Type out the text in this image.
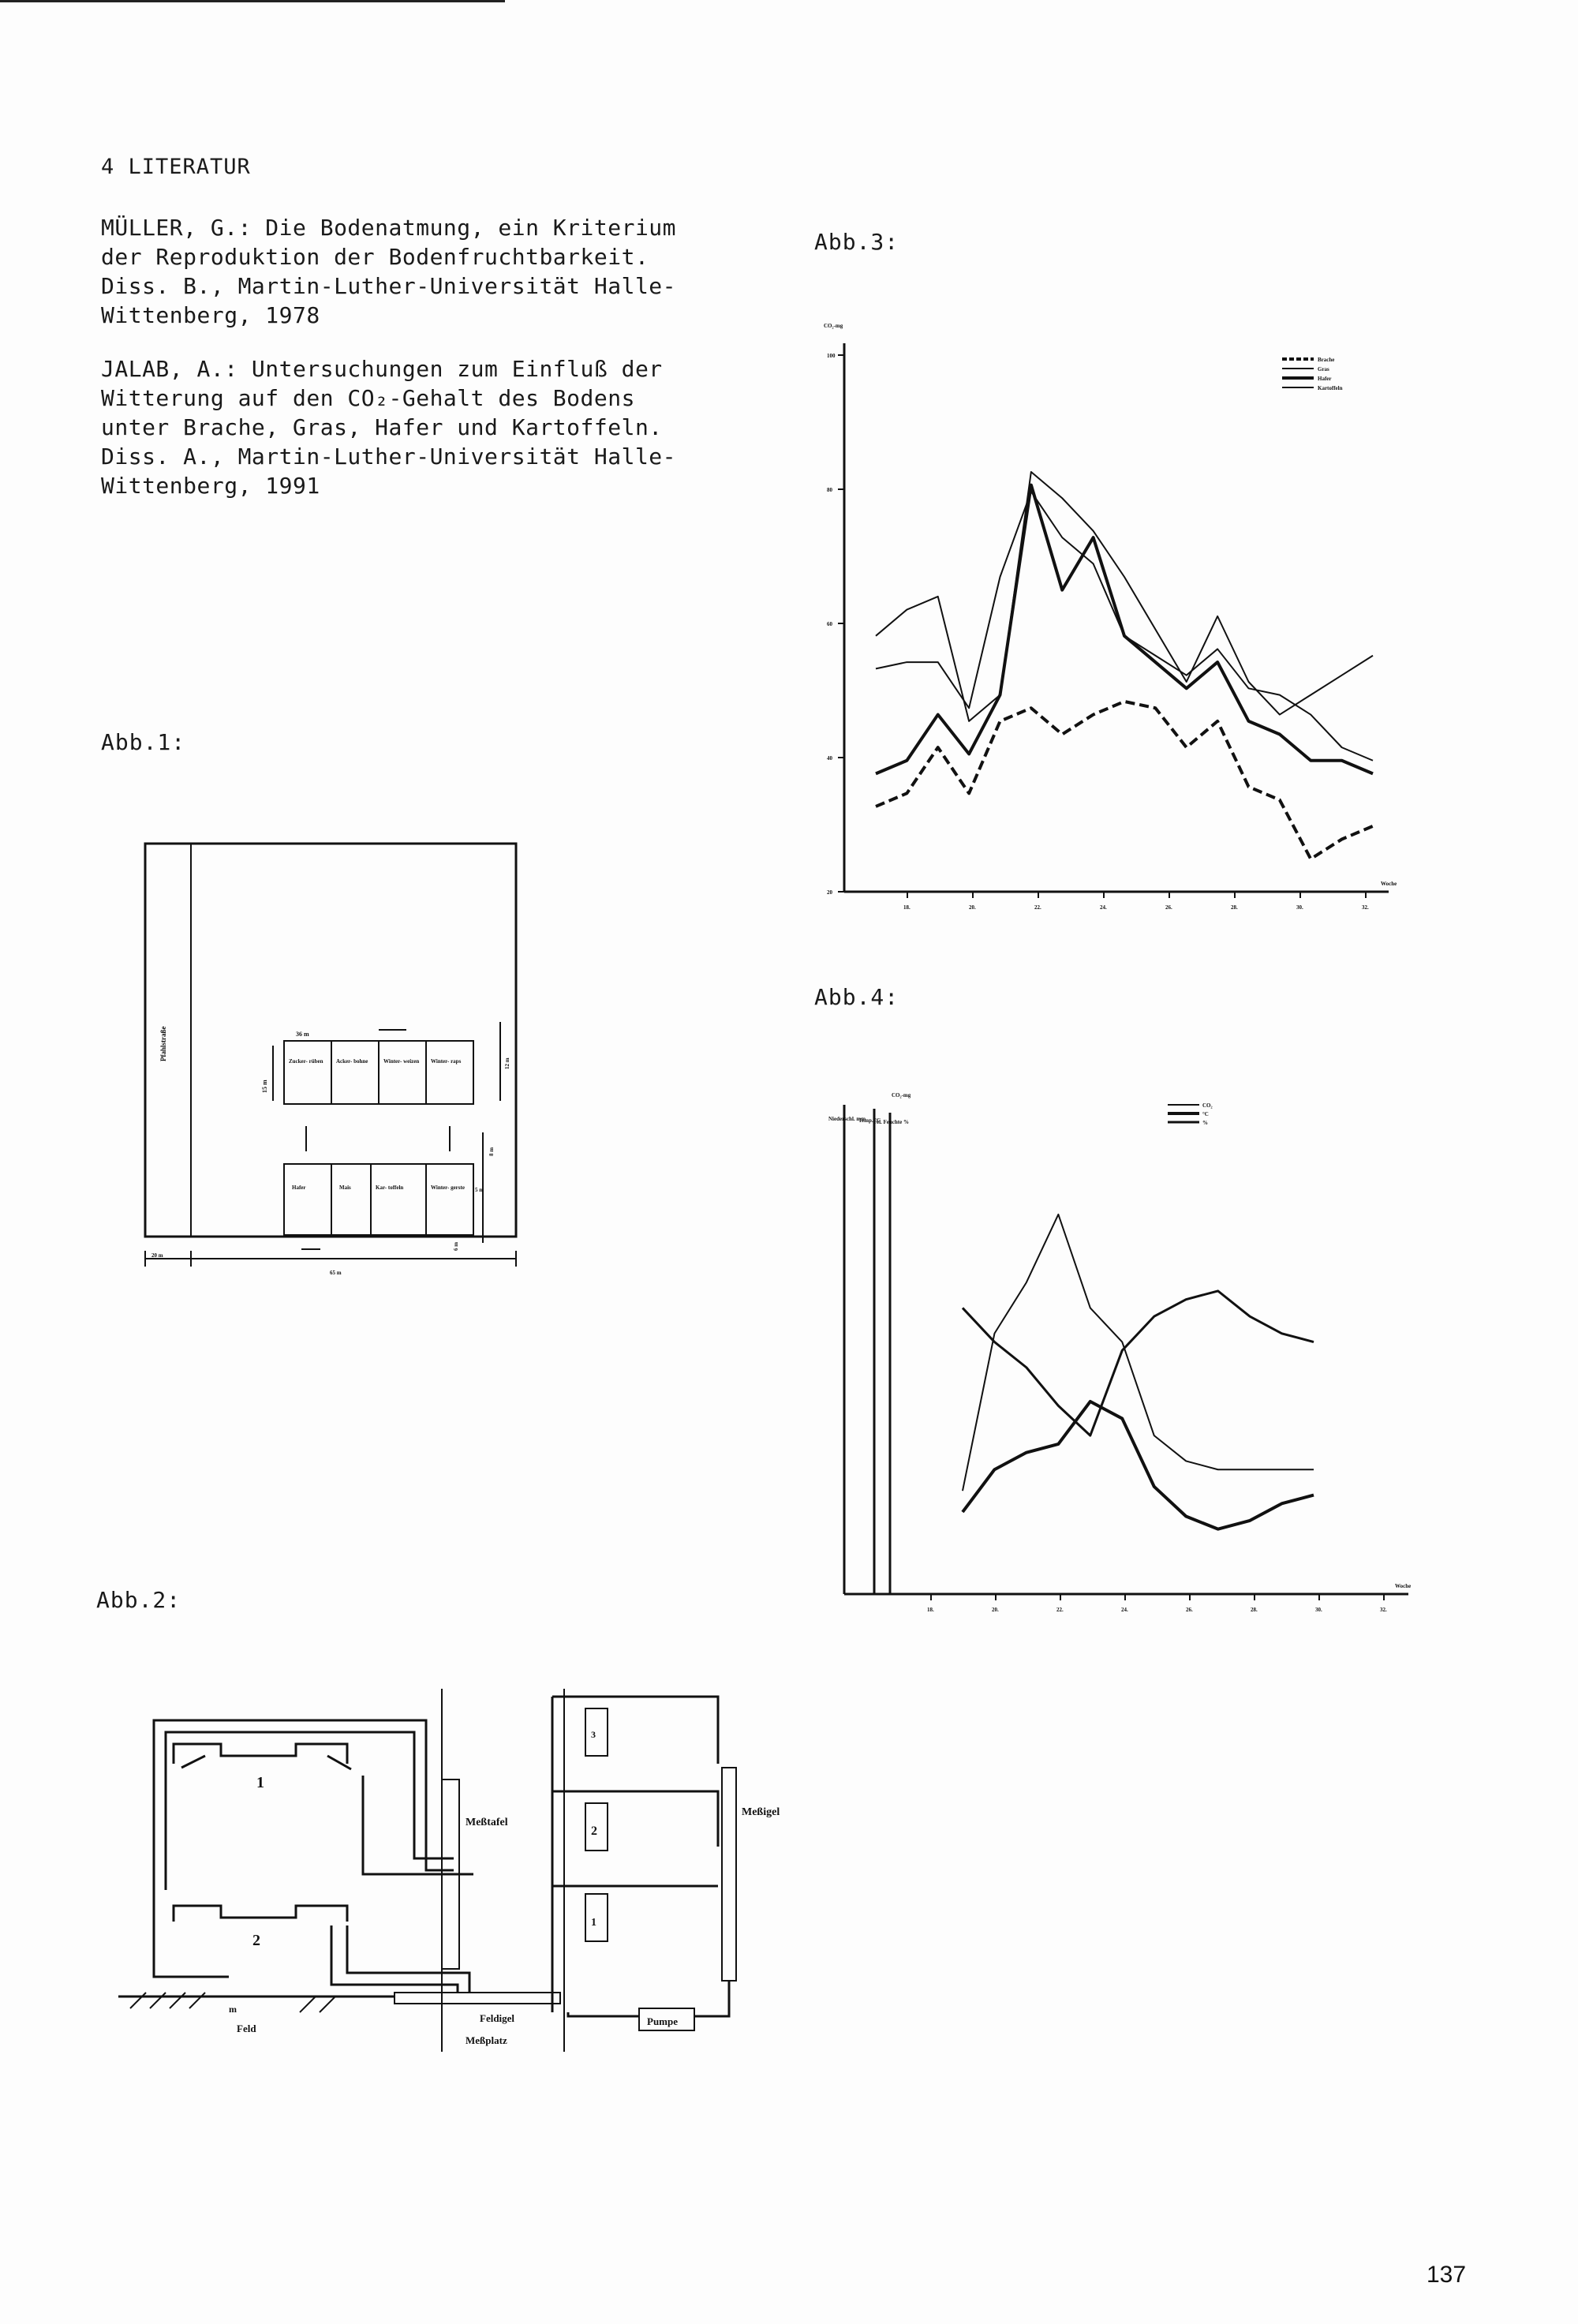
4 LITERATUR
MÜLLER, G.: Die Bodenatmung, ein Kriterium
der Reproduktion der Bodenfruchtbarkeit.
Diss. B., Martin-Luther-Universität Halle-
Wittenberg, 1978
JALAB, A.: Untersuchungen zum Einfluß der
Witterung auf den CO₂-Gehalt des Bodens
unter Brache, Gras, Hafer und Kartoffeln.
Diss. A., Martin-Luther-Universität Halle-
Wittenberg, 1991
Abb.1:
Abb.2:
Abb.3:
Abb.4:
Pfahlstraße	36 m
15 m
65 m
20 m
12 m
8 m
5 m
6 m
Zucker- rüben Acker- bohne	Winter- weizen Winter- raps
Hafer	Mais	Kar- toffeln	Winter- gerste
1
2
Meßtafel
Meßigel
Feldigel
Meßplatz
Pumpe
Feld
m
3
2
1
CO₂-mg
100
80
60
40
20
18.	20.	22.	24.	26.	28.	30.	32.
Woche
Brache
Gras
Hafer
Kartoffeln
Niederschl. mm
Temp. °C
rel. Feuchte %
CO₂-mg
18.	20.	22.	24.	26.	28.	30.	32.
Woche
CO₂
°C
%
137
